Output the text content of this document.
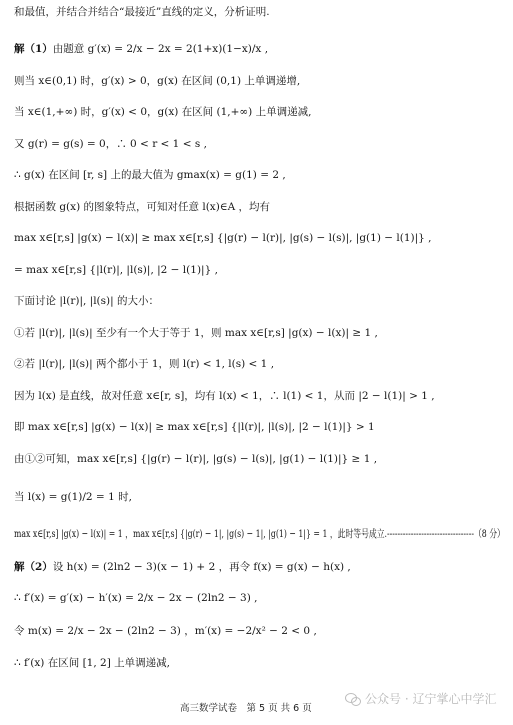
和最值，并结合并结合“最接近”直线的定义，分析证明.
解（1）由题意 g′(x) = 2/x − 2x = 2(1+x)(1−x)/x ,
则当 x∈(0,1) 时，g′(x) > 0，g(x) 在区间 (0,1) 上单调递增,
当 x∈(1,+∞) 时，g′(x) < 0，g(x) 在区间 (1,+∞) 上单调递减,
又 g(r) = g(s) = 0，∴ 0 < r < 1 < s ,
∴ g(x) 在区间 [r, s] 上的最大值为 gmax(x) = g(1) = 2 ,
根据函数 g(x) 的图象特点，可知对任意 l(x)∈A ，均有
max x∈[r,s] |g(x) − l(x)| ≥ max x∈[r,s] {|g(r) − l(r)|, |g(s) − l(s)|, |g(1) − l(1)|} ,
= max x∈[r,s] {|l(r)|, |l(s)|, |2 − l(1)|} ,
下面讨论 |l(r)|, |l(s)| 的大小：
①若 |l(r)|, |l(s)| 至少有一个大于等于 1，则 max x∈[r,s] |g(x) − l(x)| ≥ 1 ,
②若 |l(r)|, |l(s)| 两个都小于 1，则 l(r) < 1, l(s) < 1 ,
因为 l(x) 是直线，故对任意 x∈[r, s]，均有 l(x) < 1，∴ l(1) < 1，从而 |2 − l(1)| > 1 ,
即 max x∈[r,s] |g(x) − l(x)| ≥ max x∈[r,s] {|l(r)|, |l(s)|, |2 − l(1)|} > 1
由①②可知，max x∈[r,s] {|g(r) − l(r)|, |g(s) − l(s)|, |g(1) − l(1)|} ≥ 1 ,
当 l(x) = g(1)/2 = 1 时,
max x∈[r,s] |g(x) − l(x)| = 1 ，max x∈[r,s] {|g(r) − 1|, |g(s) − 1|, |g(1) − 1|} = 1 ，此时等号成立.---------------------------------（8 分）
解（2）设 h(x) = (2ln2 − 3)(x − 1) + 2 ，再令 f(x) = g(x) − h(x) ,
∴ f′(x) = g′(x) − h′(x) = 2/x − 2x − (2ln2 − 3) ,
令 m(x) = 2/x − 2x − (2ln2 − 3) ，m′(x) = −2/x² − 2 < 0 ,
∴ f′(x) 在区间 [1, 2] 上单调递减,
高三数学试卷　第 5 页 共 6 页
公众号 · 辽宁掌心中学汇
